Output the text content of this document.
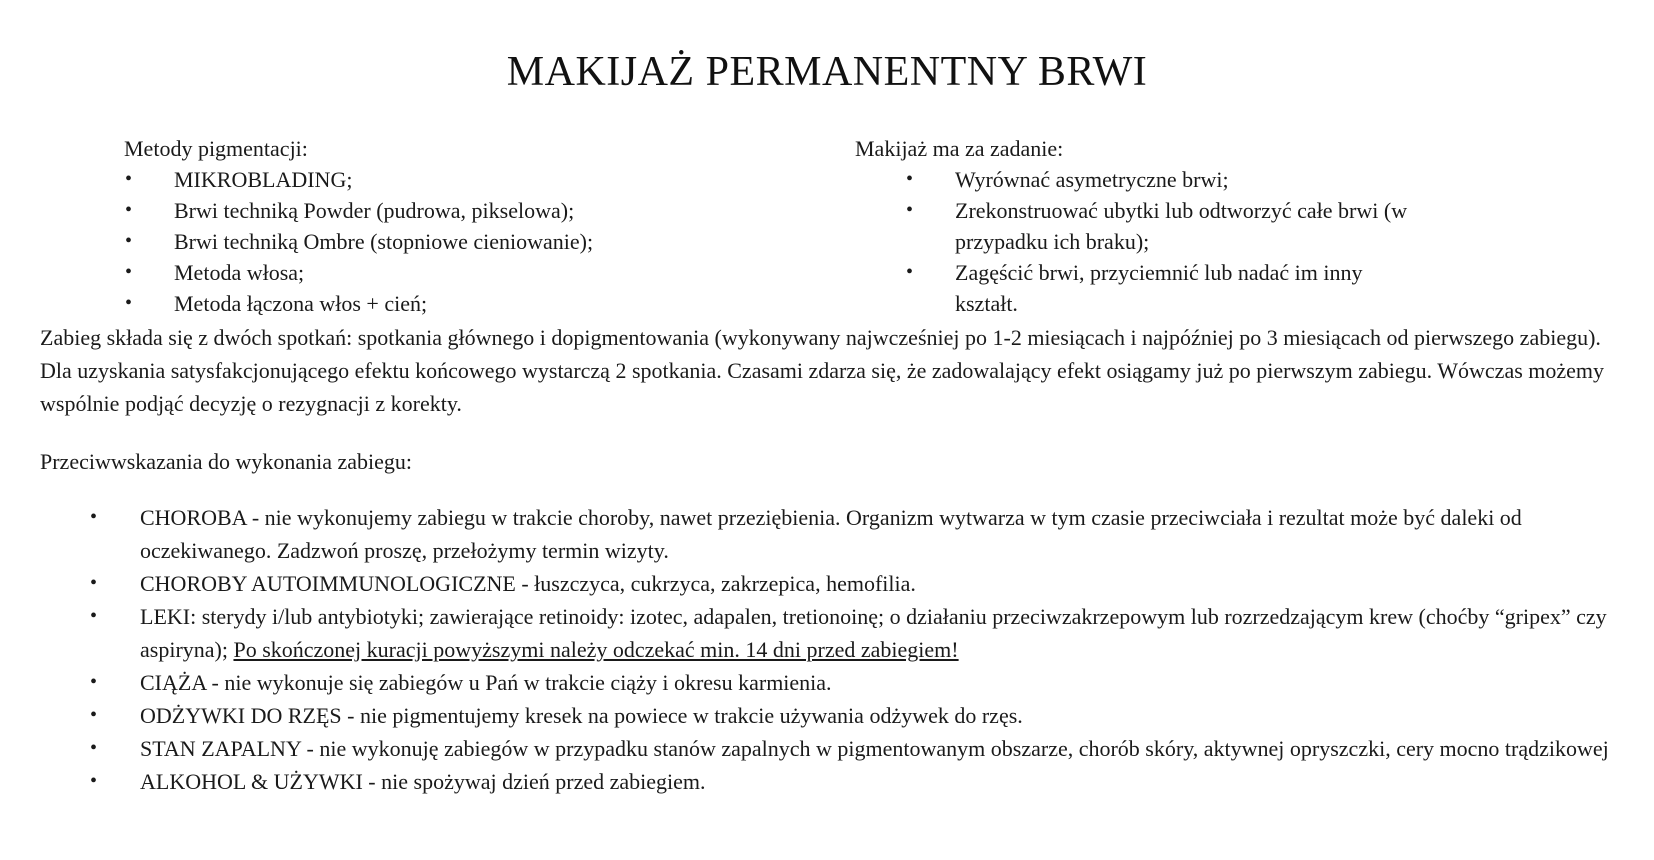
MAKIJAŻ PERMANENTNY BRWI

Metody pigmentacji:

• MIKROBLADING;
• Brwi techniką Powder (pudrowa, pikselowa);
• Brwi techniką Ombre (stopniowe cieniowanie);
• Metoda włosa;
• Metoda łączona włos + cień;

Makijaż ma za zadanie:

• Wyrównać asymetryczne brwi;
• Zrekonstruować ubytki lub odtworzyć całe brwi (w przypadku ich braku);
• Zagęścić brwi, przyciemnić lub nadać im inny kształt.

Zabieg składa się z dwóch spotkań: spotkania głównego i dopigmentowania (wykonywany najwcześniej po 1-2 miesiącach i najpóźniej po 3 miesiącach od pierwszego zabiegu). Dla uzyskania satysfakcjonującego efektu końcowego wystarczą 2 spotkania. Czasami zdarza się, że zadowalający efekt osiągamy już po pierwszym zabiegu. Wówczas możemy wspólnie podjąć decyzję o rezygnacji z korekty.

Przeciwwskazania do wykonania zabiegu:

• CHOROBA - nie wykonujemy zabiegu w trakcie choroby, nawet przeziębienia. Organizm wytwarza w tym czasie przeciwciała i rezultat może być daleki od oczekiwanego. Zadzwoń proszę, przełożymy termin wizyty.
• CHOROBY AUTOIMMUNOLOGICZNE - łuszczyca, cukrzyca, zakrzepica, hemofilia.
• LEKI: sterydy i/lub antybiotyki; zawierające retinoidy: izotec, adapalen, tretionoinę; o działaniu przeciwzakrzepowym lub rozrzedzającym krew (choćby “gripex” czy aspiryna); Po skończonej kuracji powyższymi należy odczekać min. 14 dni przed zabiegiem!
• CIĄŻA - nie wykonuje się zabiegów u Pań w trakcie ciąży i okresu karmienia.
• ODŻYWKI DO RZĘS - nie pigmentujemy kresek na powiece w trakcie używania odżywek do rzęs.
• STAN ZAPALNY - nie wykonuję zabiegów w przypadku stanów zapalnych w pigmentowanym obszarze, chorób skóry, aktywnej opryszczki, cery mocno trądzikowej
• ALKOHOL & UŻYWKI - nie spożywaj dzień przed zabiegiem.
